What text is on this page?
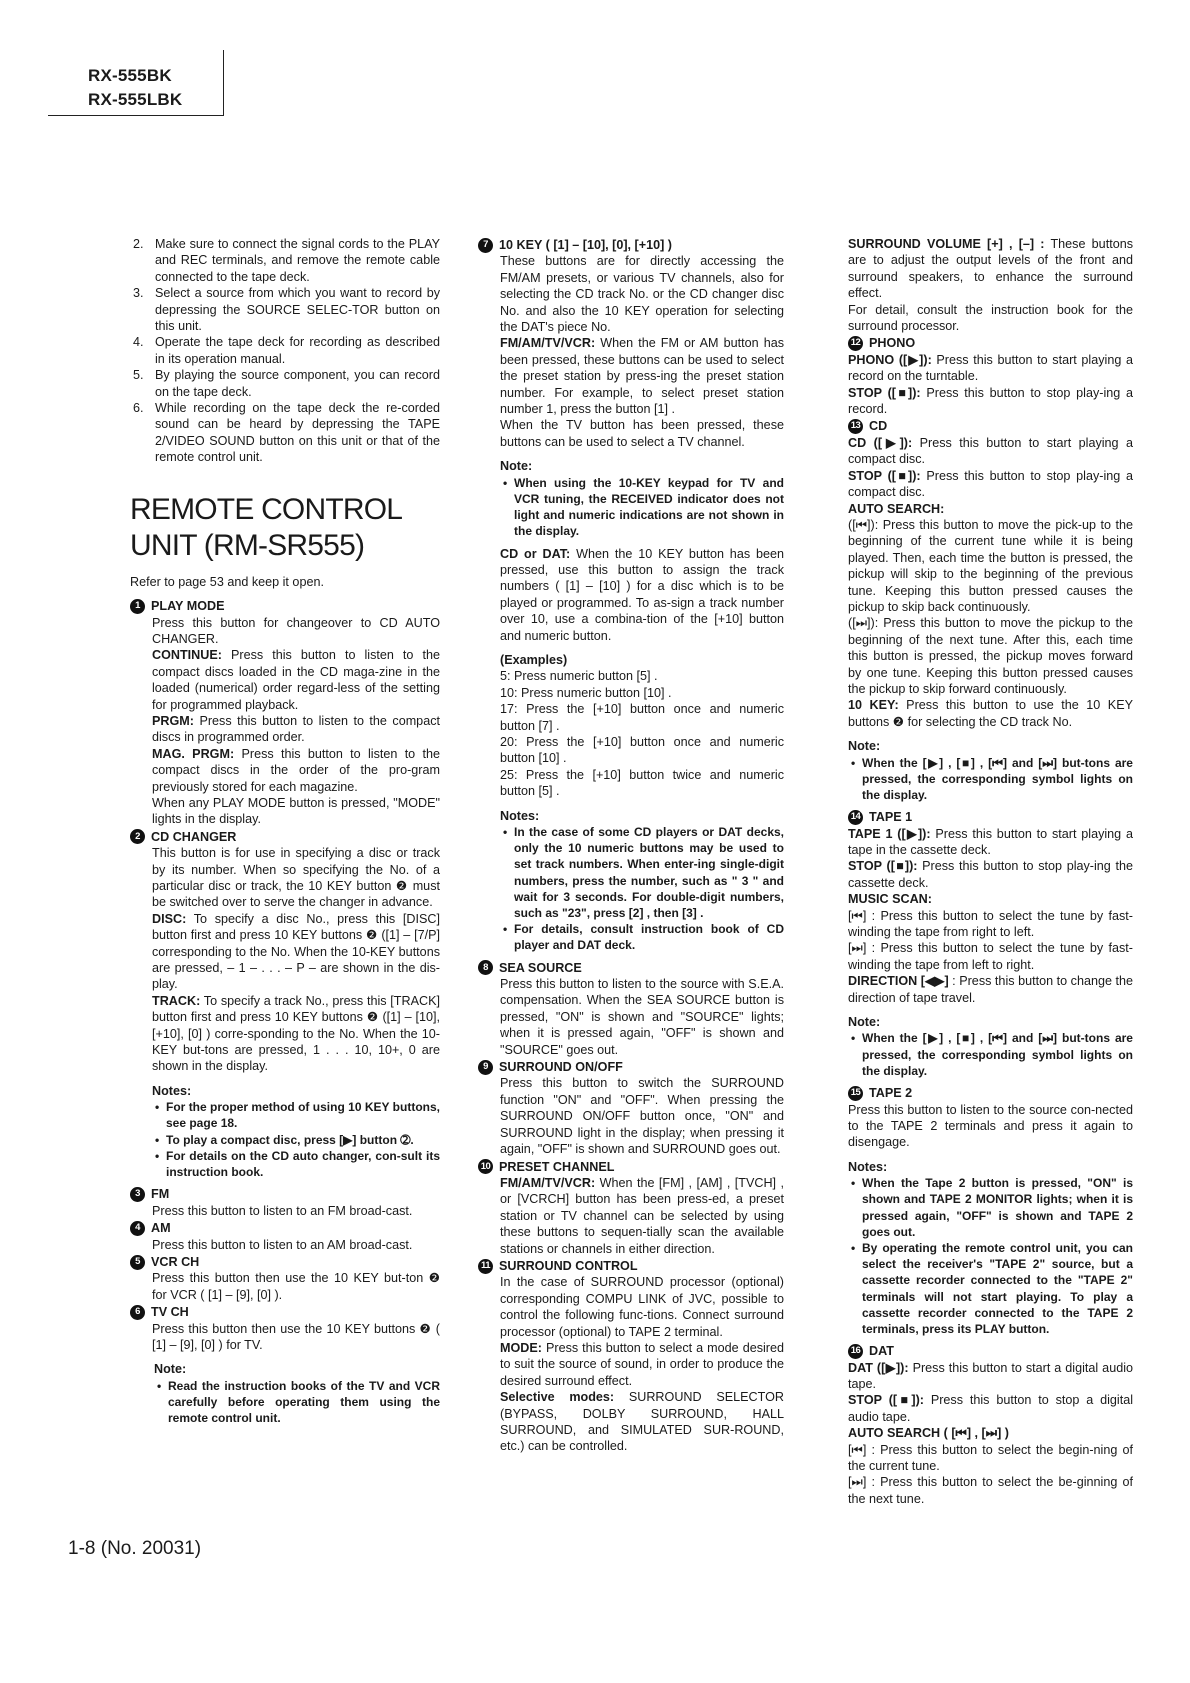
RX-555BK
RX-555LBK
2. Make sure to connect the signal cords to the PLAY and REC terminals, and remove the remote cable connected to the tape deck.
3. Select a source from which you want to record by depressing the SOURCE SELEC-TOR button on this unit.
4. Operate the tape deck for recording as described in its operation manual.
5. By playing the source component, you can record on the tape deck.
6. While recording on the tape deck the re-corded sound can be heard by depressing the TAPE 2/VIDEO SOUND button on this unit or that of the remote control unit.
REMOTE CONTROL
UNIT (RM-SR555)

Refer to page 53 and keep it open.

1 PLAY MODE

Press this button for changeover to CD AUTO CHANGER.

CONTINUE: Press this button to listen to the compact discs loaded in the CD maga-zine in the loaded (numerical) order regard-less of the setting for programmed playback.

PRGM: Press this button to listen to the compact discs in programmed order.

MAG. PRGM: Press this button to listen to the compact discs in the order of the pro-gram previously stored for each magazine.

When any PLAY MODE button is pressed, "MODE" lights in the display.

2 CD CHANGER

This button is for use in specifying a disc or track by its number. When so specifying the No. of a particular disc or track, the 10 KEY button ❷ must be switched over to serve the changer in advance.

DISC: To specify a disc No., press this [DISC] button first and press 10 KEY buttons ❷ ([1] – [7/P] corresponding to the No. When the 10-KEY buttons are pressed, – 1 – . . . – P – are shown in the dis-play.

TRACK: To specify a track No., press this [TRACK] button first and press 10 KEY buttons ❷ ([1] – [10], [+10], [0] ) corre-sponding to the No. When the 10-KEY but-tons are pressed, 1 . . . 10, 10+, 0 are shown in the display.

Notes:
• For the proper method of using 10 KEY buttons, see page 18.
• To play a compact disc, press [▶] button ➁.
• For details on the CD auto changer, con-sult its instruction book.
3 FM

Press this button to listen to an FM broad-cast.

4 AM

Press this button to listen to an AM broad-cast.

5 VCR CH

Press this button then use the 10 KEY but-ton ❷ for VCR ( [1] – [9], [0] ).

6 TV CH

Press this button then use the 10 KEY buttons ❷ ( [1] – [9], [0] ) for TV.

Note:
• Read the instruction books of the TV and VCR carefully before operating them using the remote control unit.
7 10 KEY ( [1] – [10], [0], [+10] )

These buttons are for directly accessing the FM/AM presets, or various TV channels, also for selecting the CD track No. or the CD changer disc No. and also the 10 KEY operation for selecting the DAT's piece No.

FM/AM/TV/VCR: When the FM or AM button has been pressed, these buttons can be used to select the preset station by press-ing the preset station number. For example, to select preset station number 1, press the button [1] .

When the TV button has been pressed, these buttons can be used to select a TV channel.

Note:
• When using the 10-KEY keypad for TV and VCR tuning, the RECEIVED indicator does not light and numeric indications are not shown in the display.

CD or DAT: When the 10 KEY button has been pressed, use this button to assign the track numbers ( [1] – [10] ) for a disc which is to be played or programmed. To as-sign a track number over 10, use a combina-tion of the [+10] button and numeric button.

(Examples)

5: Press numeric button [5] .

10: Press numeric button [10] .

17: Press the [+10] button once and numeric button [7] .

20: Press the [+10] button once and numeric button [10] .

25: Press the [+10] button twice and numeric button [5] .

Notes:
• In the case of some CD players or DAT decks, only the 10 numeric buttons may be used to set track numbers. When enter-ing single-digit numbers, press the number, such as " 3 " and wait for 3 seconds. For double-digit numbers, such as "23", press [2] , then [3] .
• For details, consult instruction book of CD player and DAT deck.
8 SEA SOURCE

Press this button to listen to the source with S.E.A. compensation. When the SEA SOURCE button is pressed, "ON" is shown and "SOURCE" lights; when it is pressed again, "OFF" is shown and "SOURCE" goes out.

9 SURROUND ON/OFF

Press this button to switch the SURROUND function "ON" and "OFF". When pressing the SURROUND ON/OFF button once, "ON" and SURROUND light in the display; when pressing it again, "OFF" is shown and SURROUND goes out.

10 PRESET CHANNEL

FM/AM/TV/VCR: When the [FM] , [AM] , [TVCH] , or [VCRCH] button has been press-ed, a preset station or TV channel can be selected by using these buttons to sequen-tially scan the available stations or channels in either direction.

11 SURROUND CONTROL

In the case of SURROUND processor (optional) corresponding COMPU LINK of JVC, possible to control the following func-tions. Connect surround processor (optional) to TAPE 2 terminal.

MODE: Press this button to select a mode desired to suit the source of sound, in order to produce the desired surround effect.

Selective modes: SURROUND SELECTOR (BYPASS, DOLBY SURROUND, HALL SURROUND, and SIMULATED SUR-ROUND, etc.) can be controlled.

SURROUND VOLUME [+] , [–] : These buttons are to adjust the output levels of the front and surround speakers, to enhance the surround effect.

For detail, consult the instruction book for the surround processor.

12 PHONO

PHONO ([▶]): Press this button to start playing a record on the turntable.

STOP ([■]): Press this button to stop play-ing a record.

13 CD

CD ([▶]): Press this button to start playing a compact disc.

STOP ([■]): Press this button to stop play-ing a compact disc.

AUTO SEARCH:

([⏮]): Press this button to move the pick-up to the beginning of the current tune while it is being played. Then, each time the button is pressed, the pickup will skip to the beginning of the previous tune. Keeping this button pressed causes the pickup to skip back continuously.

([⏭]): Press this button to move the pickup to the beginning of the next tune. After this, each time this button is pressed, the pickup moves forward by one tune. Keeping this button pressed causes the pickup to skip forward continuously.

10 KEY: Press this button to use the 10 KEY buttons ❷ for selecting the CD track No.

Note:
• When the [▶] , [■] , [⏮] and [⏭] but-tons are pressed, the corresponding symbol lights on the display.
14 TAPE 1

TAPE 1 ([▶]): Press this button to start playing a tape in the cassette deck.

STOP ([■]): Press this button to stop play-ing the cassette deck.

MUSIC SCAN:

[⏮] : Press this button to select the tune by fast-winding the tape from right to left.

[⏭] : Press this button to select the tune by fast-winding the tape from left to right.

DIRECTION [◀▶] : Press this button to change the direction of tape travel.

Note:
• When the [▶] , [■] , [⏮] and [⏭] but-tons are pressed, the corresponding symbol lights on the display.
15 TAPE 2

Press this button to listen to the source con-nected to the TAPE 2 terminals and press it again to disengage.

Notes:
• When the Tape 2 button is pressed, "ON" is shown and TAPE 2 MONITOR lights; when it is pressed again, "OFF" is shown and TAPE 2 goes out.
• By operating the remote control unit, you can select the receiver's "TAPE 2" source, but a cassette recorder connected to the "TAPE 2" terminals will not start playing. To play a cassette recorder connected to the TAPE 2 terminals, press its PLAY button.
16 DAT

DAT ([▶]): Press this button to start a digital audio tape.

STOP ([■]): Press this button to stop a digital audio tape.

AUTO SEARCH ( [⏮] , [⏭] )

[⏮] : Press this button to select the begin-ning of the current tune.

[⏭] : Press this button to select the be-ginning of the next tune.

1-8 (No. 20031)
